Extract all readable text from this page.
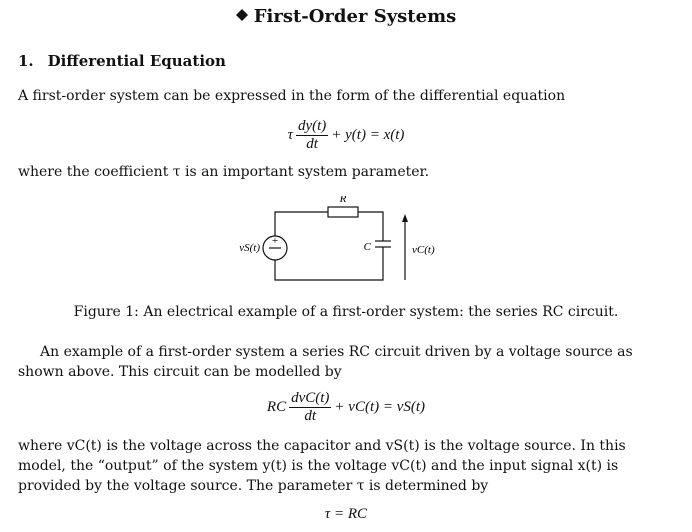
First-Order Systems
1. Differential Equation
A first-order system can be expressed in the form of the differential equation
τ $\frac{dy(t)}{dt} + y(t) = x(t)$
where the coefficient τ is an important system parameter.
R
C
+
vS(t)	vC(t)
Figure 1: An electrical example of a first-order system: the series RC circuit.
An example of a first-order system a series RC circuit driven by a voltage source as shown above. This circuit can be modelled by
RC $\frac{\text{dvC(t)}}{dt} + vC(t) = vS(t)$
where vC(t) is the voltage across the capacitor and vS(t) is the voltage source. In this model, the “output” of the system y(t) is the voltage vC(t) and the input signal x(t) is provided by the voltage source. The parameter τ is determined by
τ = RC
